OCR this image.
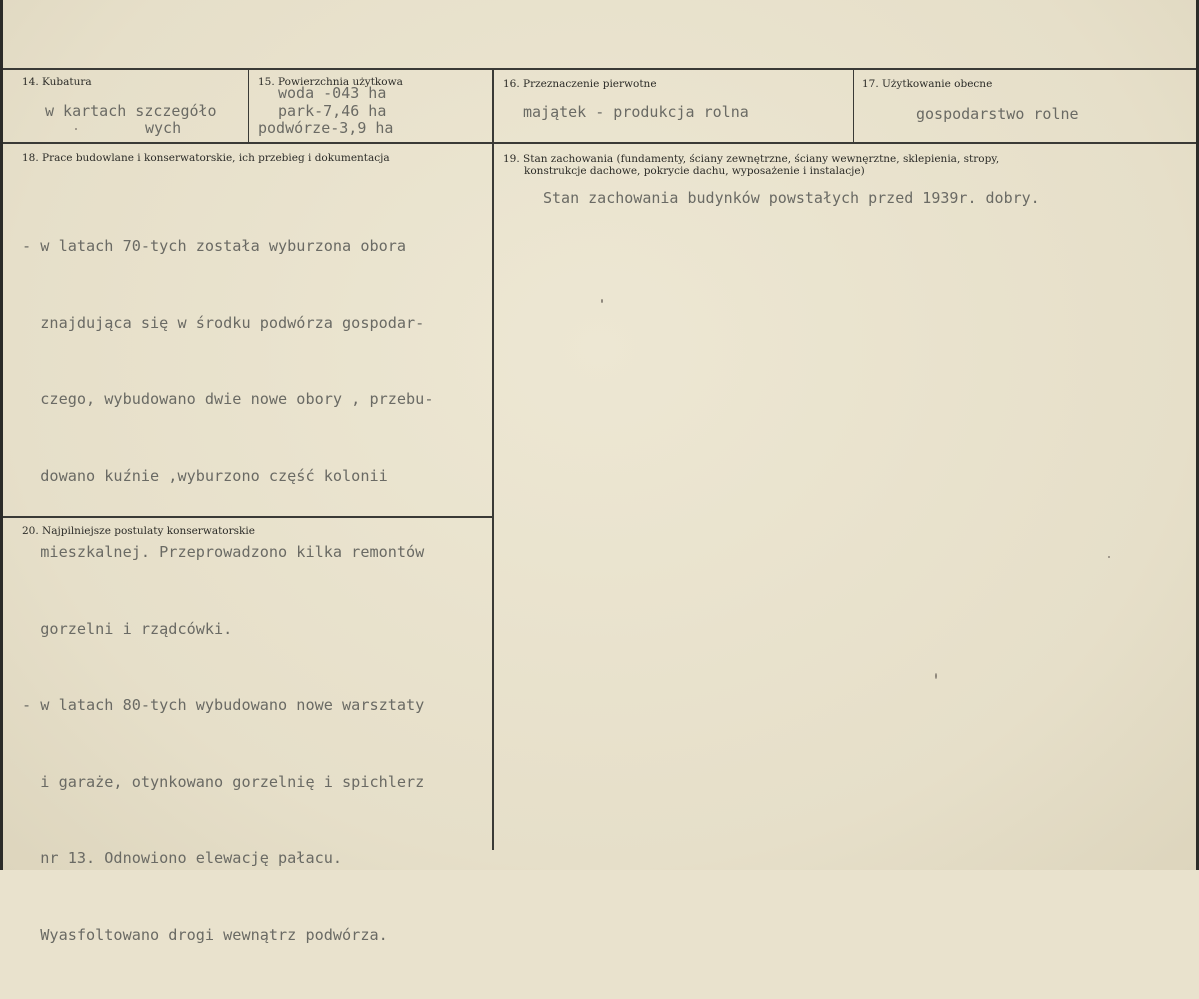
14. Kubatura
w kartach szczegóło
wych
15. Powierzchnia użytkowa
woda -043 ha
park-7,46 ha
podwórze-3,9 ha
16. Przeznaczenie pierwotne
majątek - produkcja rolna
17. Użytkowanie obecne
gospodarstwo rolne
18. Prace budowlane i konserwatorskie, ich przebieg i dokumentacja

- w latach 70-tych została wyburzona obora

znajdująca się w środku podwórza gospodar-

czego, wybudowano dwie nowe obory , przebu-

dowano kuźnie ,wyburzono część kolonii

mieszkalnej. Przeprowadzono kilka remontów

gorzelni i rządcówki.

- w latach 80-tych wybudowano nowe warsztaty

i garaże, otynkowano gorzelnię i spichlerz

nr 13. Odnowiono elewację pałacu.

Wyasfoltowano drogi wewnątrz podwórza.

19. Stan zachowania (fundamenty, ściany zewnętrzne, ściany wewnęrztne, sklepienia, stropy,
konstrukcje dachowe, pokrycie dachu, wyposażenie i instalacje)
Stan zachowania budynków powstałych przed 1939r. dobry.
20. Najpilniejsze postulaty konserwatorskie
